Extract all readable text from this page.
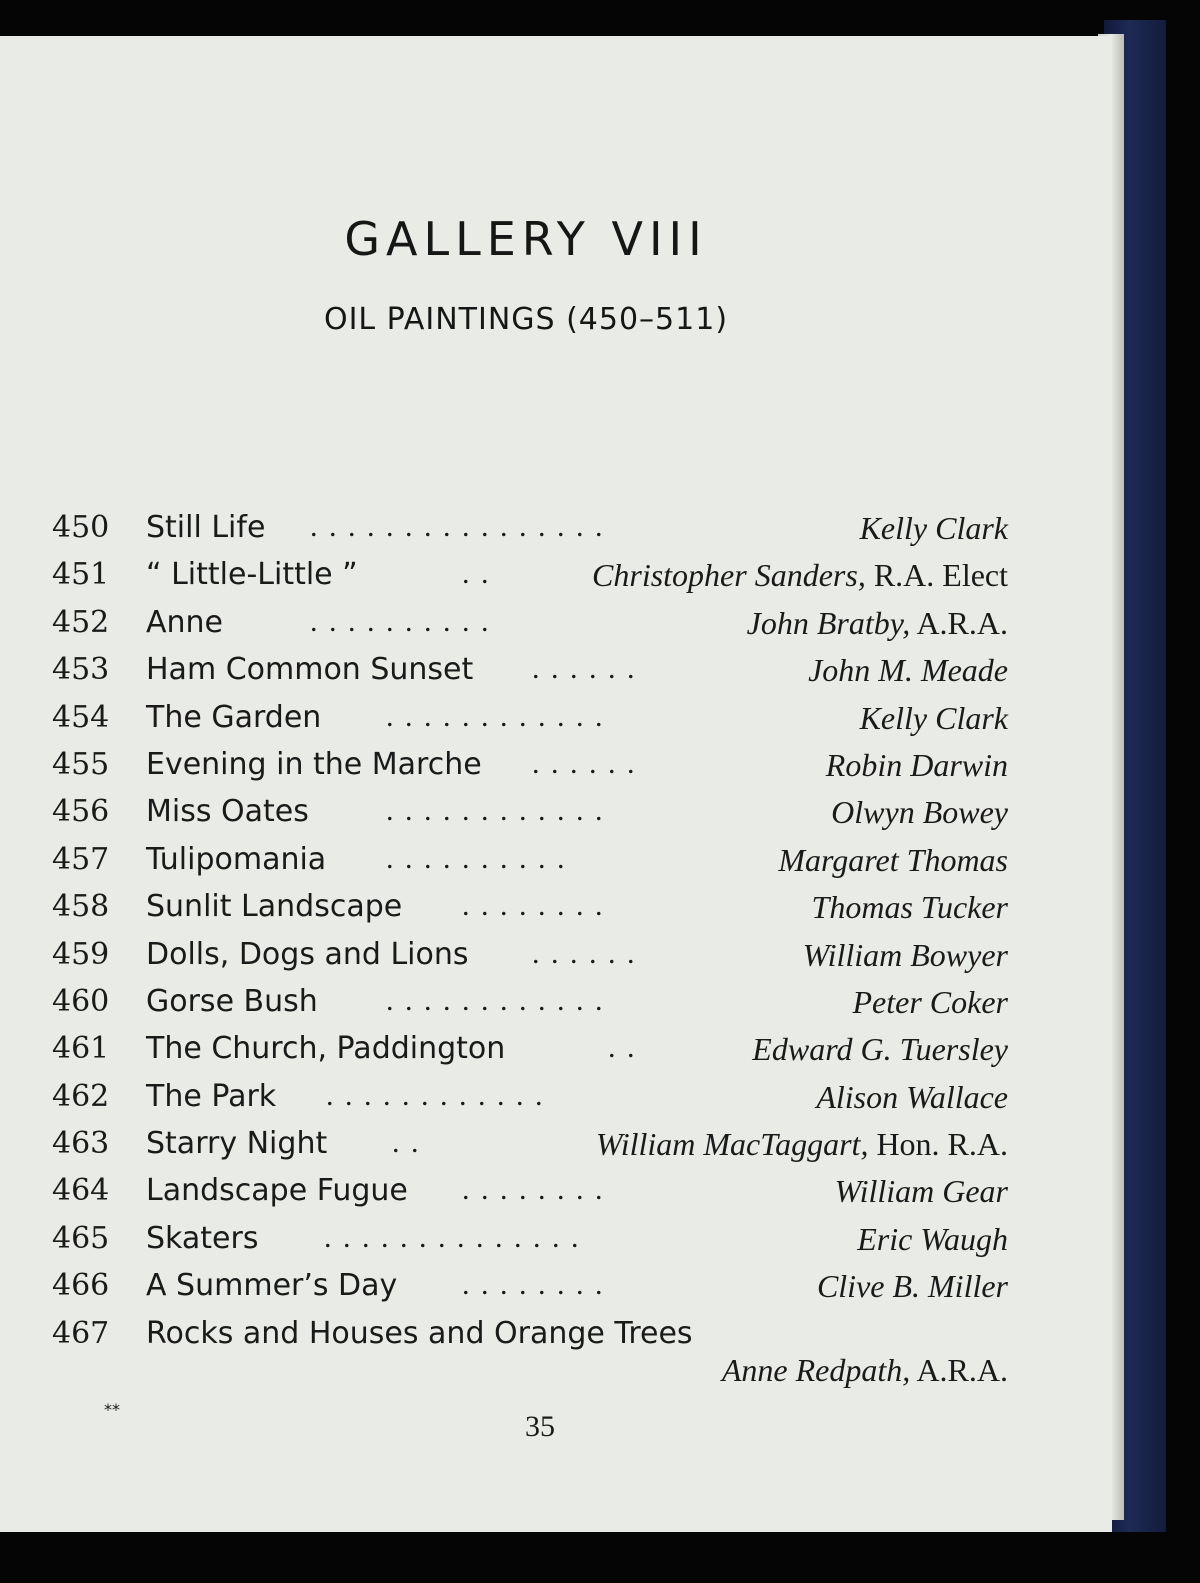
GALLERY VIII
OIL PAINTINGS (450–511)
450 Still Life . . . . . . . . . . . . . . . .	Kelly Clark
451 “ Little-Little ”	. .	Christopher Sanders, R.A. Elect
452 Anne	. . . . . . . . . .	John Bratby, A.R.A.
453 Ham Common Sunset . . . . . .	John M. Meade
454 The Garden . . . . . . . . . . . .	Kelly Clark
455 Evening in the Marche . . . . . .	Robin Darwin
456 Miss Oates	. . . . . . . . . . . .	Olwyn Bowey
457 Tulipomania . . . . . . . . . .	Margaret Thomas
458 Sunlit Landscape . . . . . . . .	Thomas Tucker
459 Dolls, Dogs and Lions . . . . . .	William Bowyer
460 Gorse Bush . . . . . . . . . . . .	Peter Coker
461 The Church, Paddington	. .	Edward G. Tuersley
462 The Park . . . . . . . . . . . .	Alison Wallace
463 Starry Night . .	William MacTaggart, Hon. R.A.
464 Landscape Fugue . . . . . . . .	William Gear
465 Skaters . . . . . . . . . . . . . .	Eric Waugh
466 A Summer’s Day . . . . . . . .	Clive B. Miller
467 Rocks and Houses and Orange Trees
Anne Redpath, A.R.A.
**
35
